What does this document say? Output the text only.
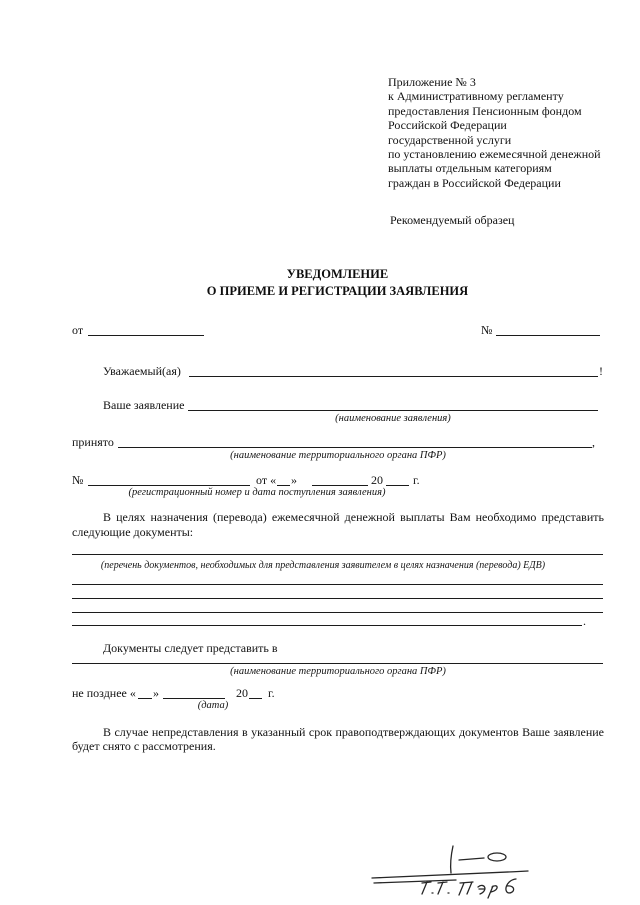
Приложение № 3
к Административному регламенту
предоставления Пенсионным фондом
Российской Федерации
государственной услуги
по установлению ежемесячной денежной
выплаты отдельным категориям
граждан в Российской Федерации
Рекомендуемый образец
УВЕДОМЛЕНИЕ
О ПРИЕМЕ И РЕГИСТРАЦИИ ЗАЯВЛЕНИЯ
от	№
Уважаемый(ая)	!
Ваше заявление
(наименование заявления)
принято	,
(наименование территориального органа ПФР)
№	от « »	20	г.
(регистрационный номер и дата поступления заявления)
В целях назначения (перевода) ежемесячной денежной выплаты Вам необходимо представить
следующие документы:
(перечень документов, необходимых для представления заявителем в целях назначения (перевода) ЕДВ)
.
Документы следует представить в
(наименование территориального органа ПФР)
не позднее « »	20 г.
(дата)
В случае непредставления в указанный срок правоподтверждающих документов Ваше заявление
будет снято с рассмотрения.
